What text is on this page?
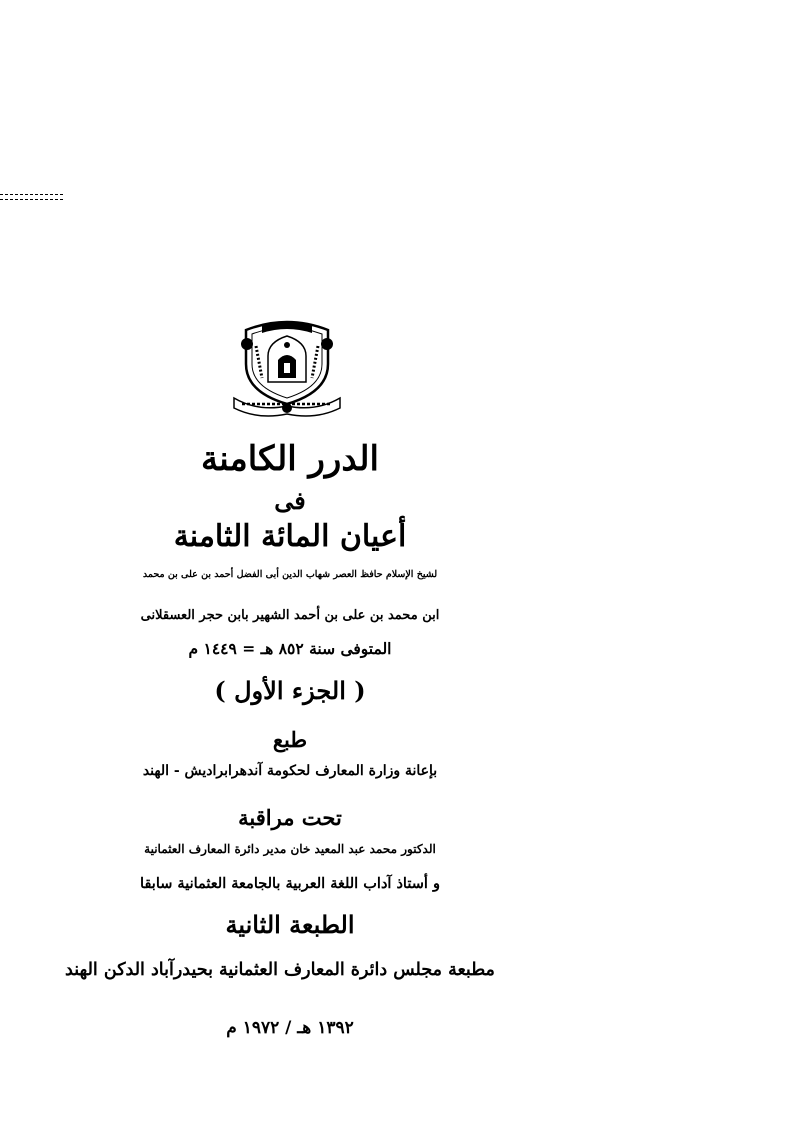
الدرر الكامنة
فى
أعيان المائة الثامنة
لشيخ الإسلام حافظ العصر شهاب الدين أبى الفضل أحمد بن على بن محمد
ابن محمد بن على بن أحمد الشهير بابن حجر العسقلانى
المتوفى سنة ٨٥٢ هـ = ١٤٤٩ م
( الجزء الأول )
طبع
بإعانة وزارة المعارف لحكومة آندهرابراديش - الهند
تحت مراقبة
الدكتور محمد عبد المعيد خان مدير دائرة المعارف العثمانية
و أستاذ آداب اللغة العربية بالجامعة العثمانية سابقا
الطبعة الثانية
مطبعة مجلس دائرة المعارف العثمانية بحيدرآباد الدكن الهند
١٣٩٢ هـ / ١٩٧٢ م
